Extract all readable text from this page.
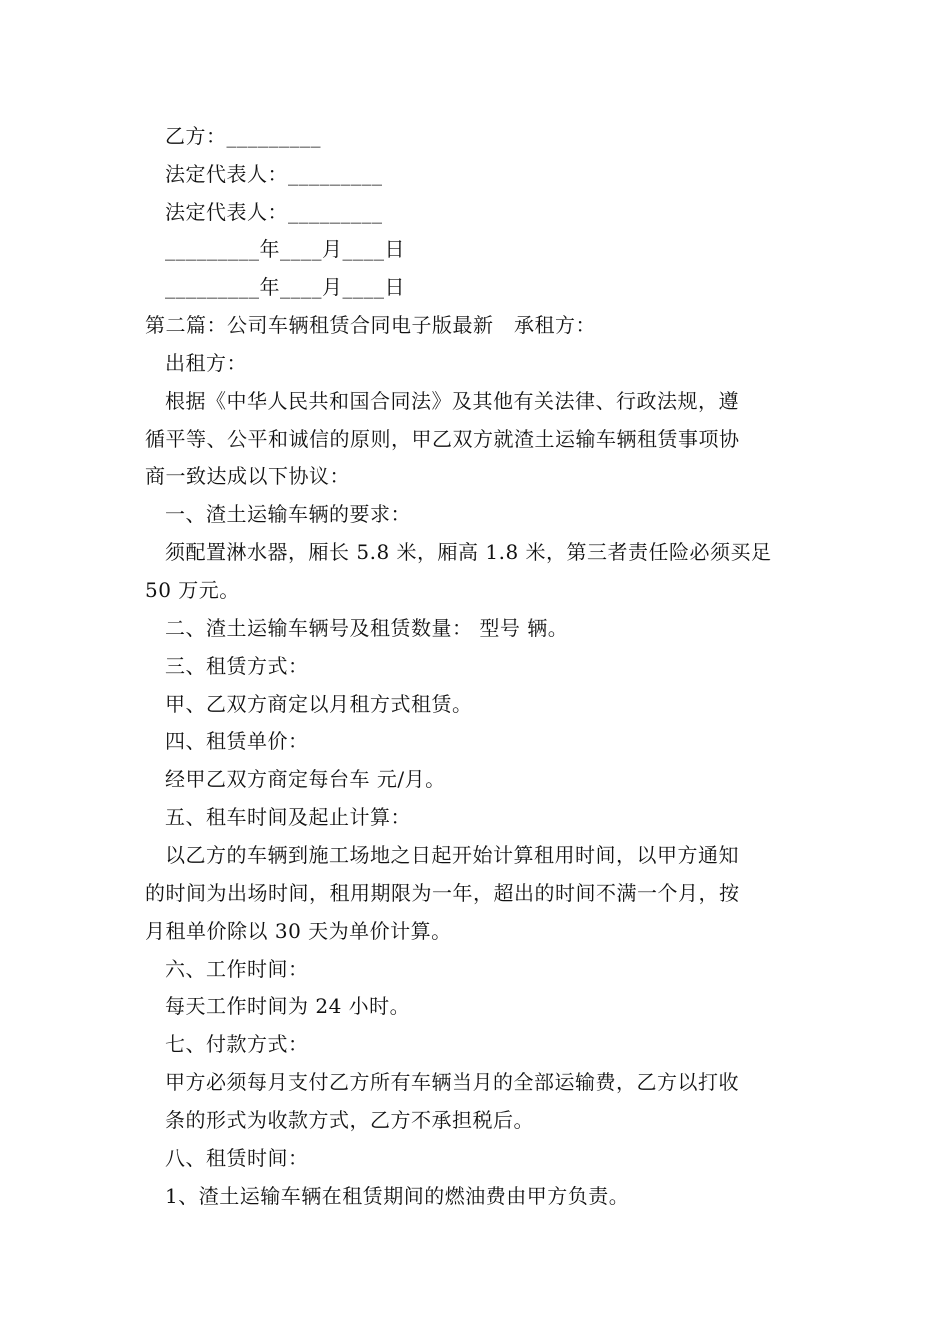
乙方：_________
法定代表人：_________
法定代表人：_________
_________年____月____日
_________年____月____日
第二篇：公司车辆租赁合同电子版最新　承租方：
出租方：
根据《中华人民共和国合同法》及其他有关法律、行政法规，遵
循平等、公平和诚信的原则，甲乙双方就渣土运输车辆租赁事项协
商一致达成以下协议：
一、渣土运输车辆的要求：
须配置淋水器，厢长 5.8 米，厢高 1.8 米，第三者责任险必须买足
50 万元。
二、渣土运输车辆号及租赁数量： 型号 辆。
三、租赁方式：
甲、乙双方商定以月租方式租赁。
四、租赁单价：
经甲乙双方商定每台车 元/月。
五、租车时间及起止计算：
以乙方的车辆到施工场地之日起开始计算租用时间，以甲方通知
的时间为出场时间，租用期限为一年，超出的时间不满一个月，按
月租单价除以 30 天为单价计算。
六、工作时间：
每天工作时间为 24 小时。
七、付款方式：
甲方必须每月支付乙方所有车辆当月的全部运输费，乙方以打收
条的形式为收款方式，乙方不承担税后。
八、租赁时间：
1、渣土运输车辆在租赁期间的燃油费由甲方负责。
